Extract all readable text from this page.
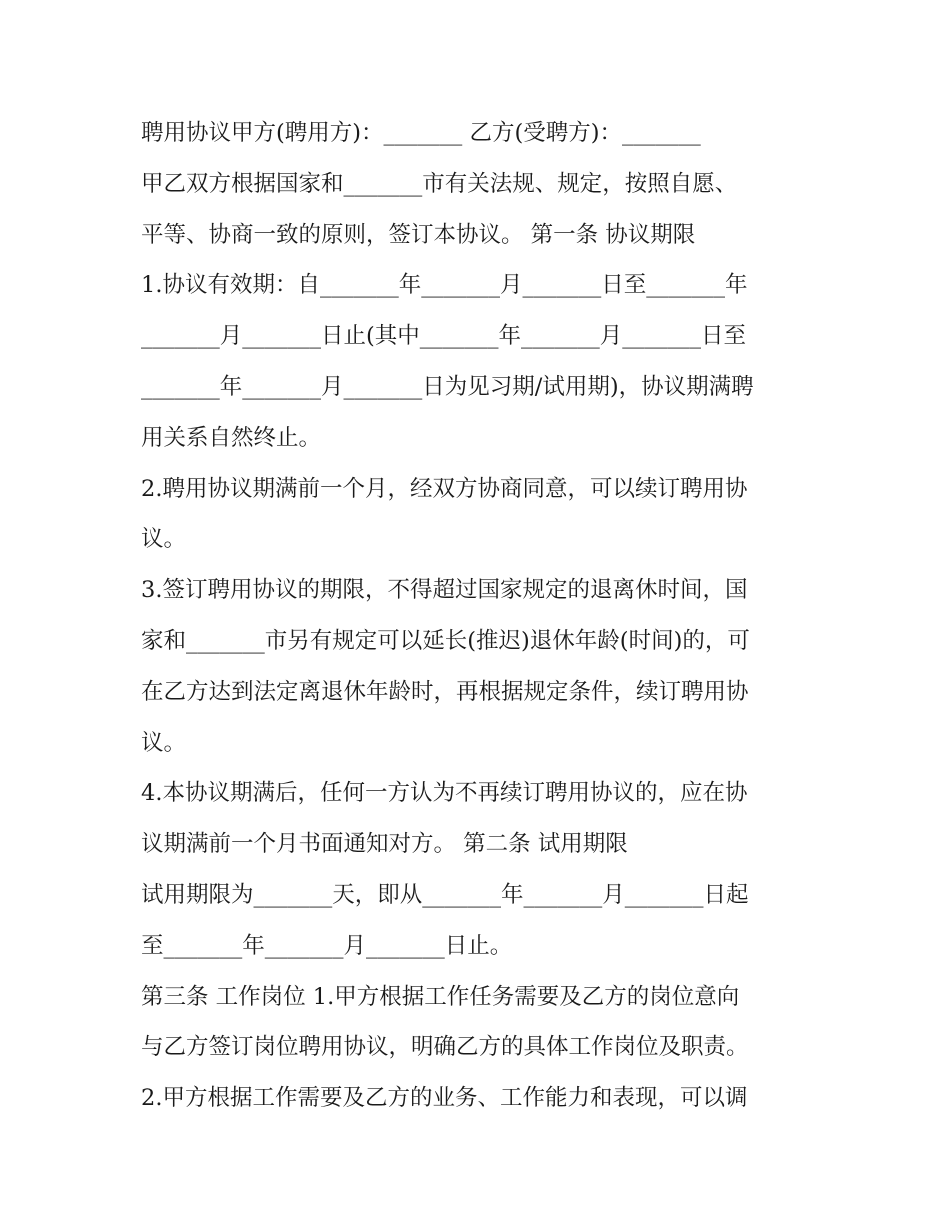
聘用协议甲方(聘用方)：_______ 乙方(受聘方)：_______
甲乙双方根据国家和_______市有关法规、规定，按照自愿、
平等、协商一致的原则，签订本协议。 第一条 协议期限
1.协议有效期：自_______年_______月_______日至_______年
_______月_______日止(其中_______年_______月_______日至
_______年_______月_______日为见习期/试用期)，协议期满聘
用关系自然终止。
2.聘用协议期满前一个月，经双方协商同意，可以续订聘用协
议。
3.签订聘用协议的期限，不得超过国家规定的退离休时间，国
家和_______市另有规定可以延长(推迟)退休年龄(时间)的，可
在乙方达到法定离退休年龄时，再根据规定条件，续订聘用协
议。
4.本协议期满后，任何一方认为不再续订聘用协议的，应在协
议期满前一个月书面通知对方。 第二条 试用期限
试用期限为_______天，即从_______年_______月_______日起
至_______年_______月_______日止。
第三条 工作岗位 1.甲方根据工作任务需要及乙方的岗位意向
与乙方签订岗位聘用协议，明确乙方的具体工作岗位及职责。
2.甲方根据工作需要及乙方的业务、工作能力和表现，可以调
